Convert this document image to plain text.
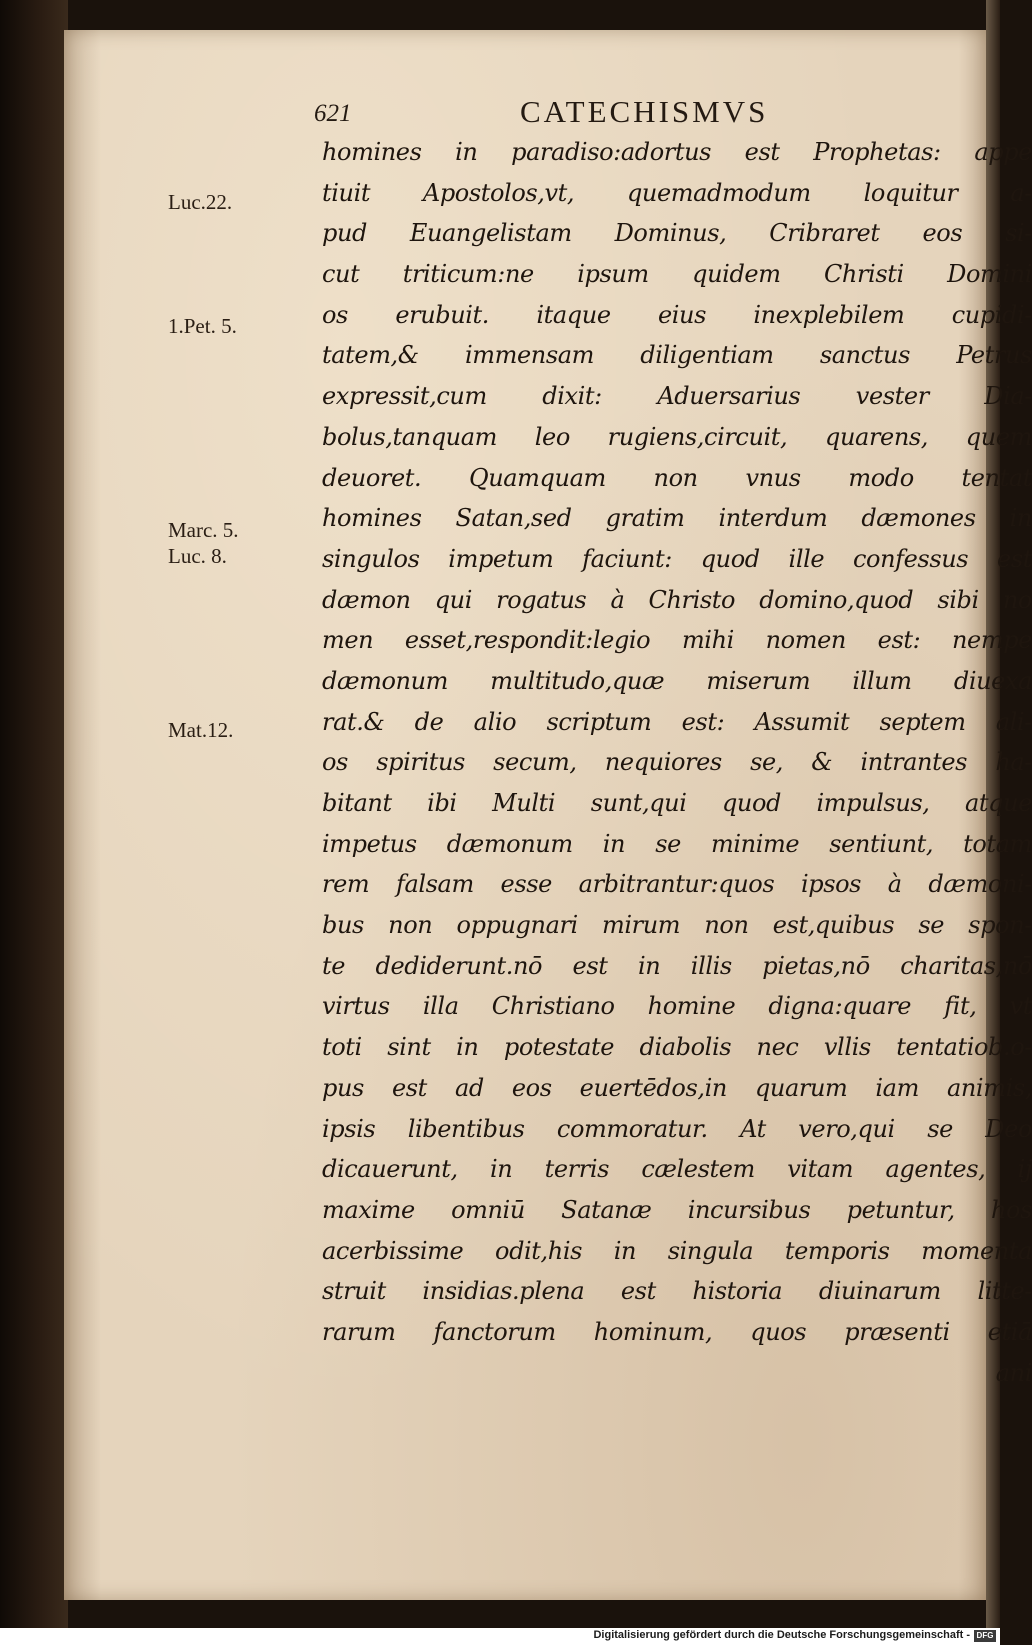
621	CATECHISMVS
Luc.22.
1.Pet. 5.
Marc. 5.
Luc. 8.
Mat.12.
homines in paradiso:adortus est Prophetas: appe
tiuit Apostolos,vt, quemadmodum loquitur a-
pud Euangelistam Dominus, Cribraret eos si-
cut triticum:ne ipsum quidem Christi Domini
os erubuit. itaque eius inexplebilem cupidi-
tatem,& immensam diligentiam sanctus Petrus
expressit,cum dixit: Aduersarius vester Dia-
bolus,tanquam leo rugiens,circuit, quarens, quem
deuoret. Quamquam non vnus modo tentat
homines Satan,sed gratim interdum dæmones in
singulos impetum faciunt: quod ille confessus est
dæmon qui rogatus à Christo domino,quod sibi no
men esset,respondit:legio mihi nomen est: nempe
dæmonum multitudo,quæ miserum illum diuexa
rat.& de alio scriptum est: Assumit septem ali-
os spiritus secum, nequiores se, & intrantes ha-
bitant ibi Multi sunt,qui quod impulsus, atque
impetus dæmonum in se minime sentiunt, totam
rem falsam esse arbitrantur:quos ipsos à dæmoni-
bus non oppugnari mirum non est,quibus se spon-
te dediderunt.nō est in illis pietas,nō charitas,nō
virtus illa Christiano homine digna:quare fit, vt
toti sint in potestate diabolis nec vllis tentatiob.o-
pus est ad eos euertēdos,in quarum iam animis,
ipsis libentibus commoratur. At vero,qui se Deo
dicauerunt, in terris cælestem vitam agentes, ij
maxime omniū Satanæ incursibus petuntur, hos
acerbissime odit,his in singula temporis momenta
struit insidias.plena est historia diuinarum litte-
rarum fanctorum hominum, quos præsenti etiā
ani
Digitalisierung gefördert durch die Deutsche Forschungsgemeinschaft - DFG
